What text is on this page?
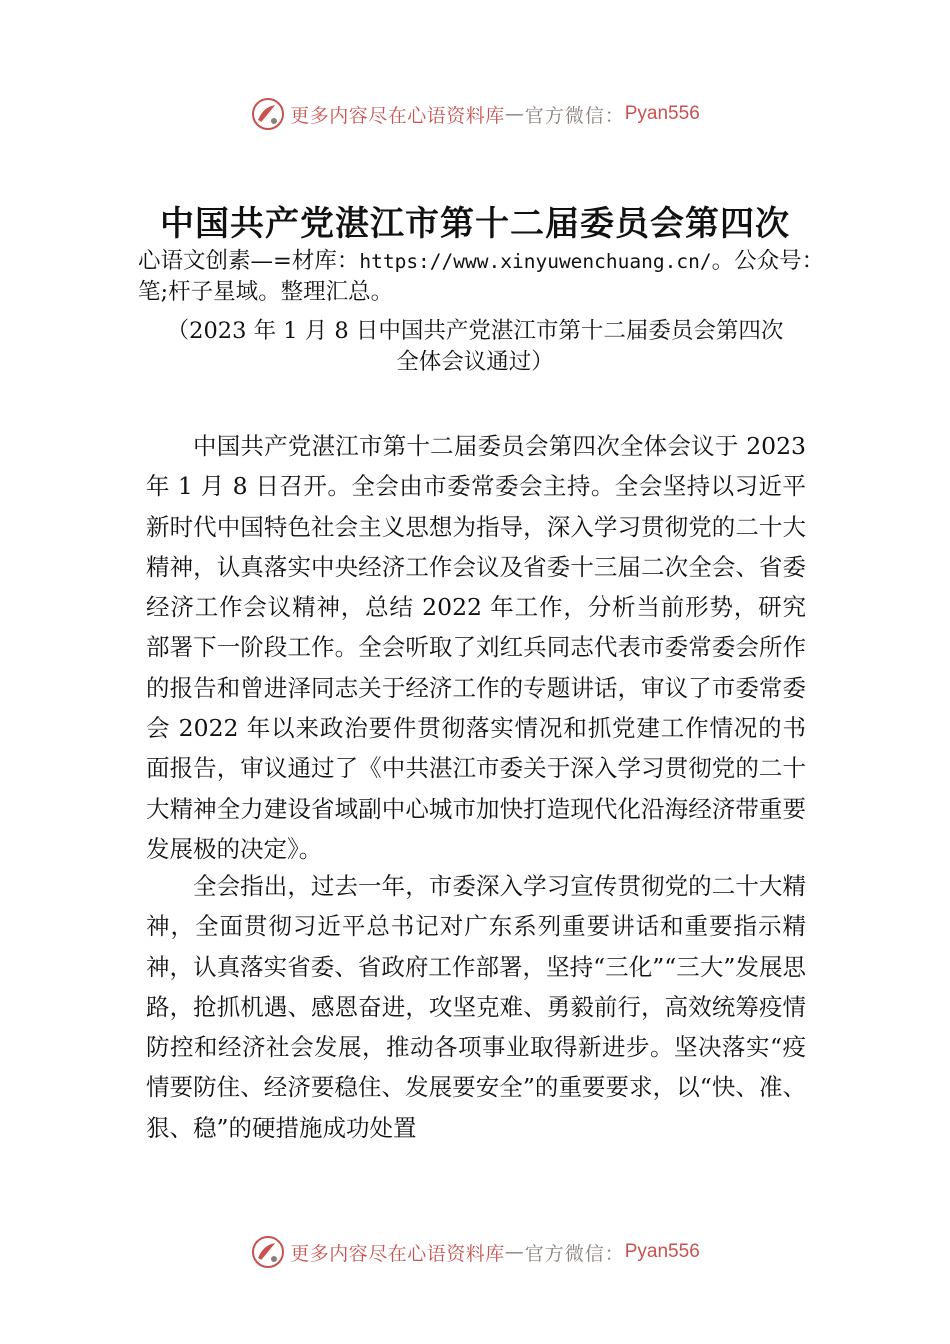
更多内容尽在心语资料库 — 官方微信： Pyan556
中国共产党湛江市第十二届委员会第四次
心语文创素—=材库：https://www.xinyuwenchuang.cn/。公众号：笔;杆子星域。整理汇总。
（2023 年 1 月 8 日中国共产党湛江市第十二届委员会第四次全体会议通过）

中国共产党湛江市第十二届委员会第四次全体会议于 2023 年 1 月 8 日召开。全会由市委常委会主持。全会坚持以习近平新时代中国特色社会主义思想为指导，深入学习贯彻党的二十大精神，认真落实中央经济工作会议及省委十三届二次全会、省委经济工作会议精神，总结 2022 年工作，分析当前形势，研究部署下一阶段工作。全会听取了刘红兵同志代表市委常委会所作的报告和曾进泽同志关于经济工作的专题讲话，审议了市委常委会 2022 年以来政治要件贯彻落实情况和抓党建工作情况的书面报告，审议通过了《中共湛江市委关于深入学习贯彻党的二十大精神全力建设省域副中心城市加快打造现代化沿海经济带重要发展极的决定》。

全会指出，过去一年，市委深入学习宣传贯彻党的二十大精神，全面贯彻习近平总书记对广东系列重要讲话和重要指示精神，认真落实省委、省政府工作部署，坚持“三化”“三大”发展思路，抢抓机遇、感恩奋进，攻坚克难、勇毅前行，高效统筹疫情防控和经济社会发展，推动各项事业取得新进步。坚决落实“疫情要防住、经济要稳住、发展要安全”的重要要求，以“快、准、狠、稳”的硬措施成功处置

更多内容尽在心语资料库 — 官方微信： Pyan556
